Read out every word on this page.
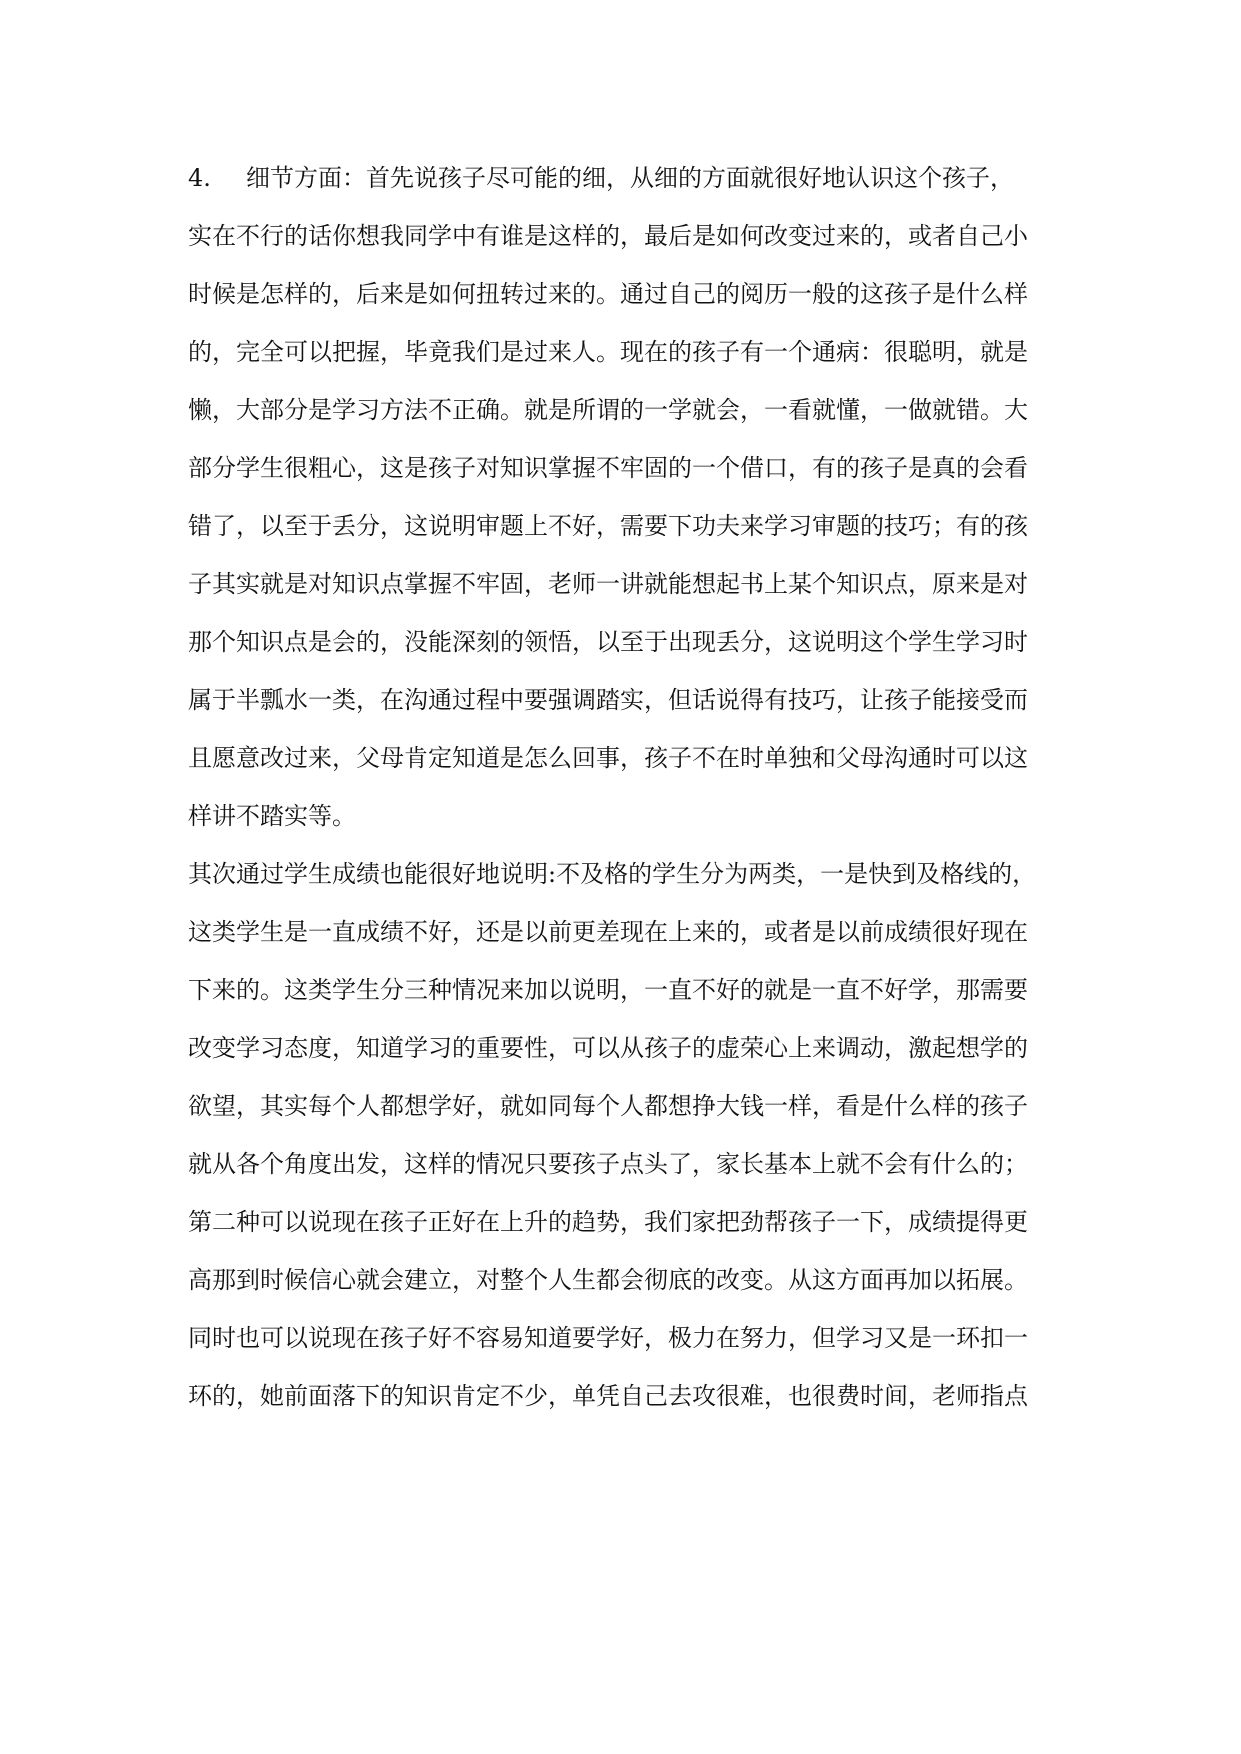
4. 细节方面：首先说孩子尽可能的细，从细的方面就很好地认识这个孩子，
实在不行的话你想我同学中有谁是这样的，最后是如何改变过来的，或者自己小
时候是怎样的，后来是如何扭转过来的。通过自己的阅历一般的这孩子是什么样
的，完全可以把握，毕竟我们是过来人。现在的孩子有一个通病：很聪明，就是
懒，大部分是学习方法不正确。就是所谓的一学就会，一看就懂，一做就错。大
部分学生很粗心，这是孩子对知识掌握不牢固的一个借口，有的孩子是真的会看
错了，以至于丢分，这说明审题上不好，需要下功夫来学习审题的技巧；有的孩
子其实就是对知识点掌握不牢固，老师一讲就能想起书上某个知识点，原来是对
那个知识点是会的，没能深刻的领悟，以至于出现丢分，这说明这个学生学习时
属于半瓢水一类，在沟通过程中要强调踏实，但话说得有技巧，让孩子能接受而
且愿意改过来，父母肯定知道是怎么回事，孩子不在时单独和父母沟通时可以这
样讲不踏实等。
其次通过学生成绩也能很好地说明:不及格的学生分为两类，一是快到及格线的，
这类学生是一直成绩不好，还是以前更差现在上来的，或者是以前成绩很好现在
下来的。这类学生分三种情况来加以说明，一直不好的就是一直不好学，那需要
改变学习态度，知道学习的重要性，可以从孩子的虚荣心上来调动，激起想学的
欲望，其实每个人都想学好，就如同每个人都想挣大钱一样，看是什么样的孩子
就从各个角度出发，这样的情况只要孩子点头了，家长基本上就不会有什么的；
第二种可以说现在孩子正好在上升的趋势，我们家把劲帮孩子一下，成绩提得更
高那到时候信心就会建立，对整个人生都会彻底的改变。从这方面再加以拓展。
同时也可以说现在孩子好不容易知道要学好，极力在努力，但学习又是一环扣一
环的，她前面落下的知识肯定不少，单凭自己去攻很难，也很费时间，老师指点
